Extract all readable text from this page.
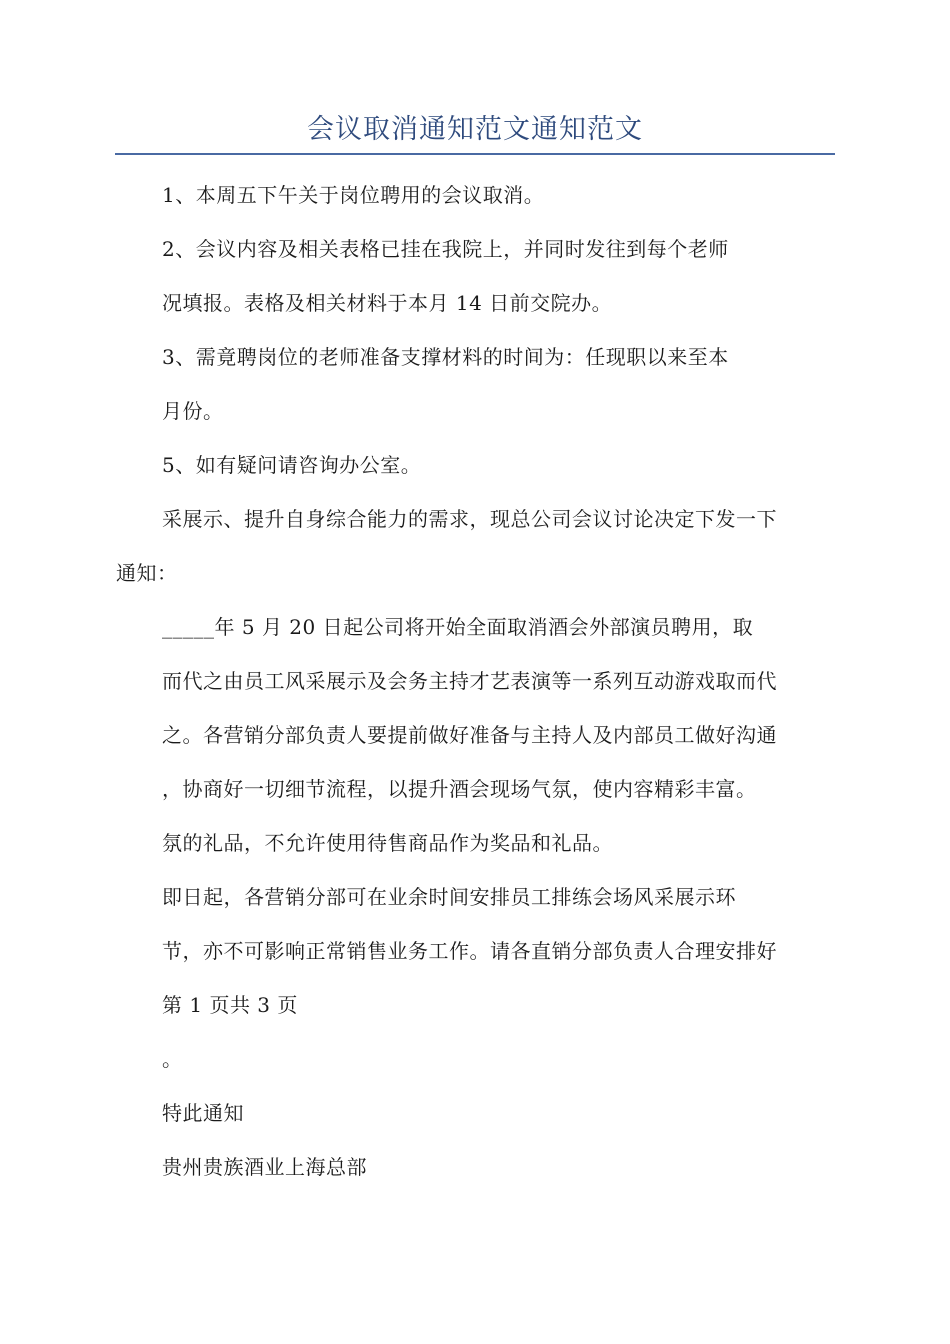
会议取消通知范文通知范文
1、本周五下午关于岗位聘用的会议取消。
2、会议内容及相关表格已挂在我院上，并同时发往到每个老师
况填报。表格及相关材料于本月 14 日前交院办。
3、需竟聘岗位的老师准备支撑材料的时间为：任现职以来至本
月份。
5、如有疑问请咨询办公室。
采展示、提升自身综合能力的需求，现总公司会议讨论决定下发一下
通知：
_____年 5 月 20 日起公司将开始全面取消酒会外部演员聘用，取
而代之由员工风采展示及会务主持才艺表演等一系列互动游戏取而代
之。各营销分部负责人要提前做好准备与主持人及内部员工做好沟通
，协商好一切细节流程，以提升酒会现场气氛，使内容精彩丰富。
氛的礼品，不允许使用待售商品作为奖品和礼品。
即日起，各营销分部可在业余时间安排员工排练会场风采展示环
节，亦不可影响正常销售业务工作。请各直销分部负责人合理安排好
第 1 页共 3 页
。
特此通知
贵州贵族酒业上海总部
